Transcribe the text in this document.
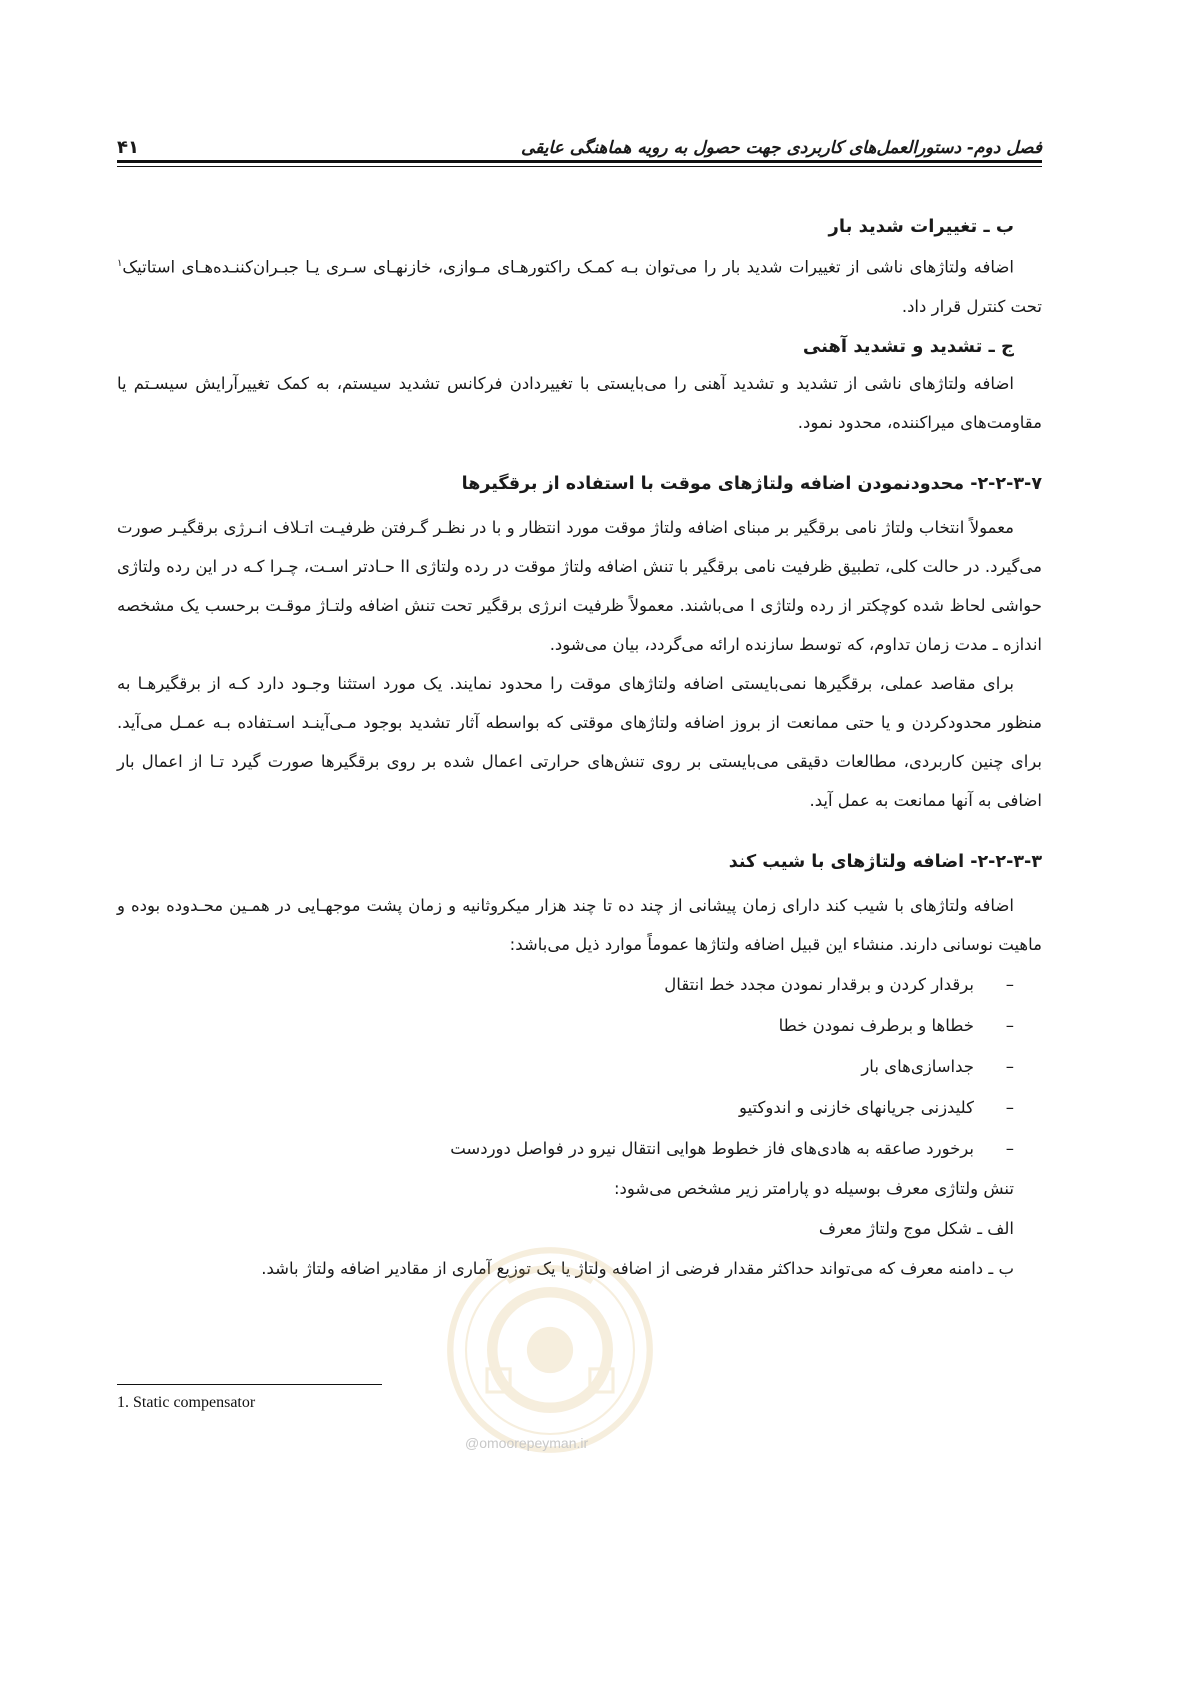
فصل دوم- دستورالعمل‌های کاربردی جهت حصول به رویه هماهنگی عایقی
۴۱
ب ـ تغییرات شدید بار

اضافه ولتاژهای ناشی از تغییرات شدید بار را می‌توان بـه کمـک راکتورهـای مـوازی، خازنهـای سـری یـا جبـران‌کننـده‌هـای استاتیک$^۱$ تحت کنترل قرار داد.

ج ـ تشدید و تشدید آهنی

اضافه ولتاژهای ناشی از تشدید و تشدید آهنی را می‌بایستی با تغییردادن فرکانس تشدید سیستم، به کمک تغییرآرایش سیسـتم یا مقاومت‌های میراکننده، محدود نمود.

۲-۲-۳-۷- محدودنمودن اضافه ولتاژهای موقت با استفاده از برقگیرها

معمولاً انتخاب ولتاژ نامی برقگیر بر مبنای اضافه ولتاژ موقت مورد انتظار و با در نظـر گـرفتن ظرفیـت اتـلاف انـرژی برقگیـر صورت می‌گیرد. در حالت کلی، تطبیق ظرفیت نامی برقگیر با تنش اضافه ولتاژ موقت در رده ولتاژی II حـادتر اسـت، چـرا کـه در این رده ولتاژی حواشی لحاظ شده کوچکتر از رده ولتاژی I می‌باشند. معمولاً ظرفیت انرژی برقگیر تحت تنش اضافه ولتـاژ موقـت برحسب یک مشخصه اندازه ـ مدت زمان تداوم، که توسط سازنده ارائه می‌گردد، بیان می‌شود.

برای مقاصد عملی، برقگیرها نمی‌بایستی اضافه ولتاژهای موقت را محدود نمایند. یک مورد استثنا وجـود دارد کـه از برقگیرهـا به منظور محدودکردن و یا حتی ممانعت از بروز اضافه ولتاژهای موقتی که بواسطه آثار تشدید بوجود مـی‌آینـد اسـتفاده بـه عمـل می‌آید. برای چنین کاربردی، مطالعات دقیقی می‌بایستی بر روی تنش‌های حرارتی اعمال شده بر روی برقگیرها صورت گیرد تـا از اعمال بار اضافی به آنها ممانعت به عمل آید.

۲-۲-۳-۳- اضافه ولتاژهای با شیب کند

اضافه ولتاژهای با شیب کند دارای زمان پیشانی از چند ده تا چند هزار میکروثانیه و زمان پشت موجهـایی در همـین محـدوده بوده و ماهیت نوسانی دارند. منشاء این قبیل اضافه ولتاژها عموماً موارد ذیل می‌باشد:

–
برقدار کردن و برقدار نمودن مجدد خط انتقال
–
خطاها و برطرف نمودن خطا
–
جداسازی‌های بار
–
کلیدزنی جریانهای خازنی و اندوکتیو
–
برخورد صاعقه به هادی‌های فاز خطوط هوایی انتقال نیرو در فواصل دوردست

تنش ولتاژی معرف بوسیله دو پارامتر زیر مشخص می‌شود:

الف ـ شکل موج ولتاژ معرف

ب ـ دامنه معرف که می‌تواند حداکثر مقدار فرضی از اضافه ولتاژ یا یک توزیع آماری از مقادیر اضافه ولتاژ باشد.

1. Static compensator
@omoorepeyman.ir
